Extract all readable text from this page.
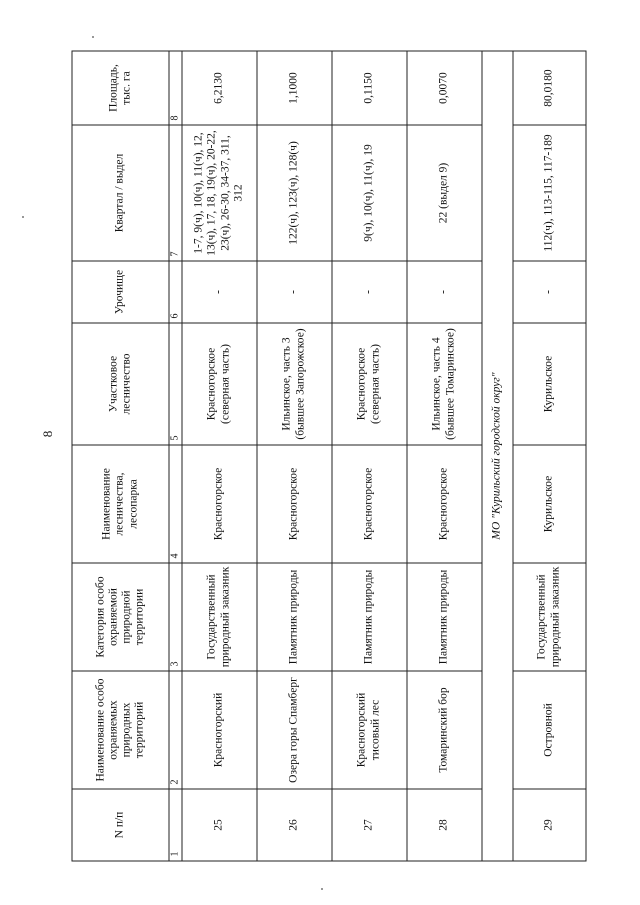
8
N п/п	Наименование особо охраняемых природных территорий	Категория особо охраняемой природной территории	Наименование лесничества, лесопарка	Участковое лесничество	Урочище	Квартал / выдел	Площадь, тыс. га
1	2	3	4	5	6	7	8
25	Красногорский	Государственный природный заказник	Красногорское	Красногорское (северная часть)	-	1-7, 9(ч), 10(ч), 11(ч), 12, 13(ч), 17, 18, 19(ч), 20-22, 23(ч), 26-30, 34-37, 311, 312	6,2130
26	Озера горы Спамберг	Памятник природы	Красногорское	Ильинское, часть 3 (бывшее Запорожское)	-	122(ч), 123(ч), 128(ч)	1,1000
27	Красногорский тисовый лес	Памятник природы	Красногорское	Красногорское (северная часть)	-	9(ч), 10(ч), 11(ч), 19	0,1150
28	Томаринский бор	Памятник природы	Красногорское	Ильинское, часть 4 (бывшее Томаринское)	-	22 (выдел 9)	0,0070
МО "Курильский городской округ"							
29	Островной	Государственный природный заказник	Курильское	Курильское	-	112(ч), 113-115, 117-189	80,0180
